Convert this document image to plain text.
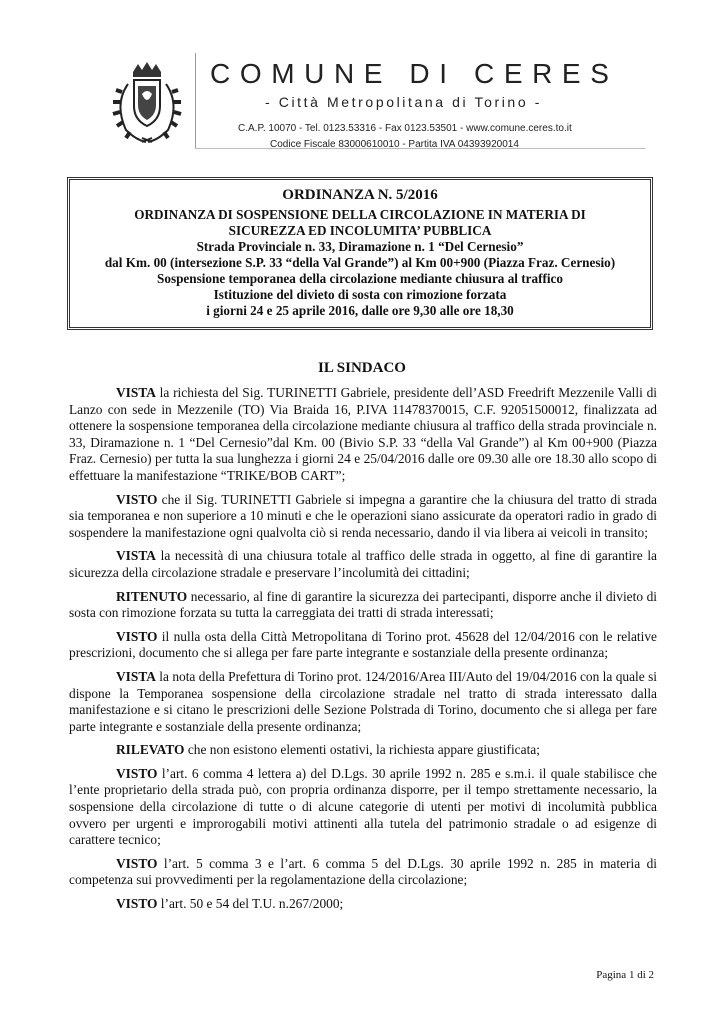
COMUNE DI CERES
- Città Metropolitana di Torino -
C.A.P. 10070 - Tel. 0123.53316 - Fax 0123.53501 - www.comune.ceres.to.it
Codice Fiscale 83000610010 - Partita IVA 04393920014
ORDINANZA N. 5/2016
ORDINANZA DI SOSPENSIONE DELLA CIRCOLAZIONE IN MATERIA DI
SICUREZZA ED INCOLUMITA’ PUBBLICA
Strada Provinciale n. 33, Diramazione n. 1 “Del Cernesio”
dal Km. 00 (intersezione S.P. 33 “della Val Grande”) al Km 00+900 (Piazza Fraz. Cernesio)
Sospensione temporanea della circolazione mediante chiusura al traffico
Istituzione del divieto di sosta con rimozione forzata
i giorni 24 e 25 aprile 2016, dalle ore 9,30 alle ore 18,30
IL SINDACO

VISTA la richiesta del Sig. TURINETTI Gabriele, presidente dell’ASD Freedrift Mezzenile Valli di Lanzo con sede in Mezzenile (TO) Via Braida 16, P.IVA 11478370015, C.F. 92051500012, finalizzata ad ottenere la sospensione temporanea della circolazione mediante chiusura al traffico della strada provinciale n. 33, Diramazione n. 1 “Del Cernesio”dal Km. 00 (Bivio S.P. 33 “della Val Grande”) al Km 00+900 (Piazza Fraz. Cernesio) per tutta la sua lunghezza i giorni 24 e 25/04/2016 dalle ore 09.30 alle ore 18.30 allo scopo di effettuare la manifestazione “TRIKE/BOB CART”;

VISTO che il Sig. TURINETTI Gabriele si impegna a garantire che la chiusura del tratto di strada sia temporanea e non superiore a 10 minuti e che le operazioni siano assicurate da operatori radio in grado di sospendere la manifestazione ogni qualvolta ciò si renda necessario, dando il via libera ai veicoli in transito;

VISTA la necessità di una chiusura totale al traffico delle strada in oggetto, al fine di garantire la sicurezza della circolazione stradale e preservare l’incolumità dei cittadini;

RITENUTO necessario, al fine di garantire la sicurezza dei partecipanti, disporre anche il divieto di sosta con rimozione forzata su tutta la carreggiata dei tratti di strada interessati;

VISTO il nulla osta della Città Metropolitana di Torino prot. 45628 del 12/04/2016 con le relative prescrizioni, documento che si allega per fare parte integrante e sostanziale della presente ordinanza;

VISTA la nota della Prefettura di Torino prot. 124/2016/Area III/Auto del 19/04/2016 con la quale si dispone la Temporanea sospensione della circolazione stradale nel tratto di strada interessato dalla manifestazione e si citano le prescrizioni delle Sezione Polstrada di Torino, documento che si allega per fare parte integrante e sostanziale della presente ordinanza;

RILEVATO che non esistono elementi ostativi, la richiesta appare giustificata;

VISTO l’art. 6 comma 4 lettera a) del D.Lgs. 30 aprile 1992 n. 285 e s.m.i. il quale stabilisce che l’ente proprietario della strada può, con propria ordinanza disporre, per il tempo strettamente necessario, la sospensione della circolazione di tutte o di alcune categorie di utenti per motivi di incolumità pubblica ovvero per urgenti e improrogabili motivi attinenti alla tutela del patrimonio stradale o ad esigenze di carattere tecnico;

VISTO l’art. 5 comma 3 e l’art. 6 comma 5 del D.Lgs. 30 aprile 1992 n. 285 in materia di competenza sui provvedimenti per la regolamentazione della circolazione;

VISTO l’art. 50 e 54 del T.U. n.267/2000;

Pagina 1 di 2
